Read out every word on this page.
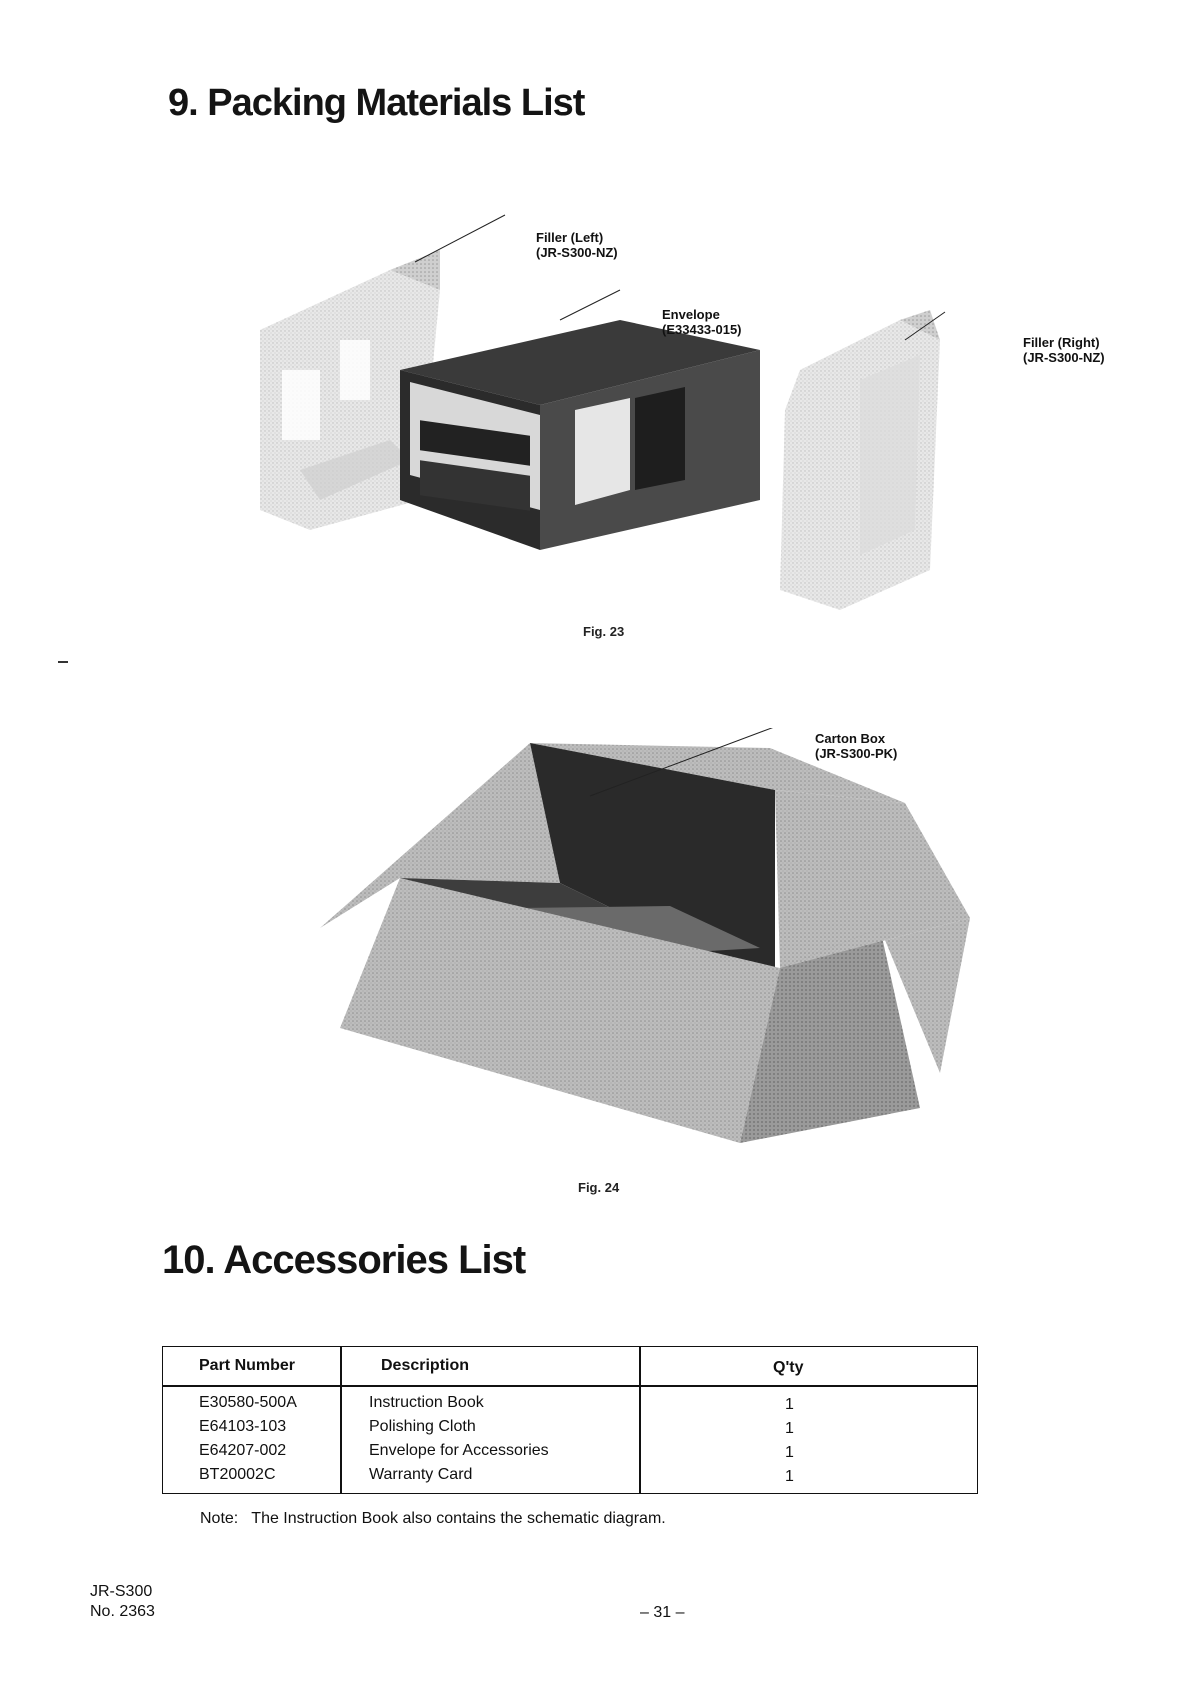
9. Packing Materials List
Filler (Left)
(JR-S300-NZ)
Envelope
(E33433-015)
Filler (Right)
(JR-S300-NZ)
Fig. 23
Carton Box
(JR-S300-PK)
Fig. 24
10. Accessories List
Part Number	Description	Q'ty
E30580-500A	Instruction Book	1
E64103-103	Polishing Cloth	1
E64207-002	Envelope for Accessories	1
BT20002C	Warranty Card	1
Note:   The Instruction Book also contains the schematic diagram.
JR-S300
No. 2363	– 31 –
